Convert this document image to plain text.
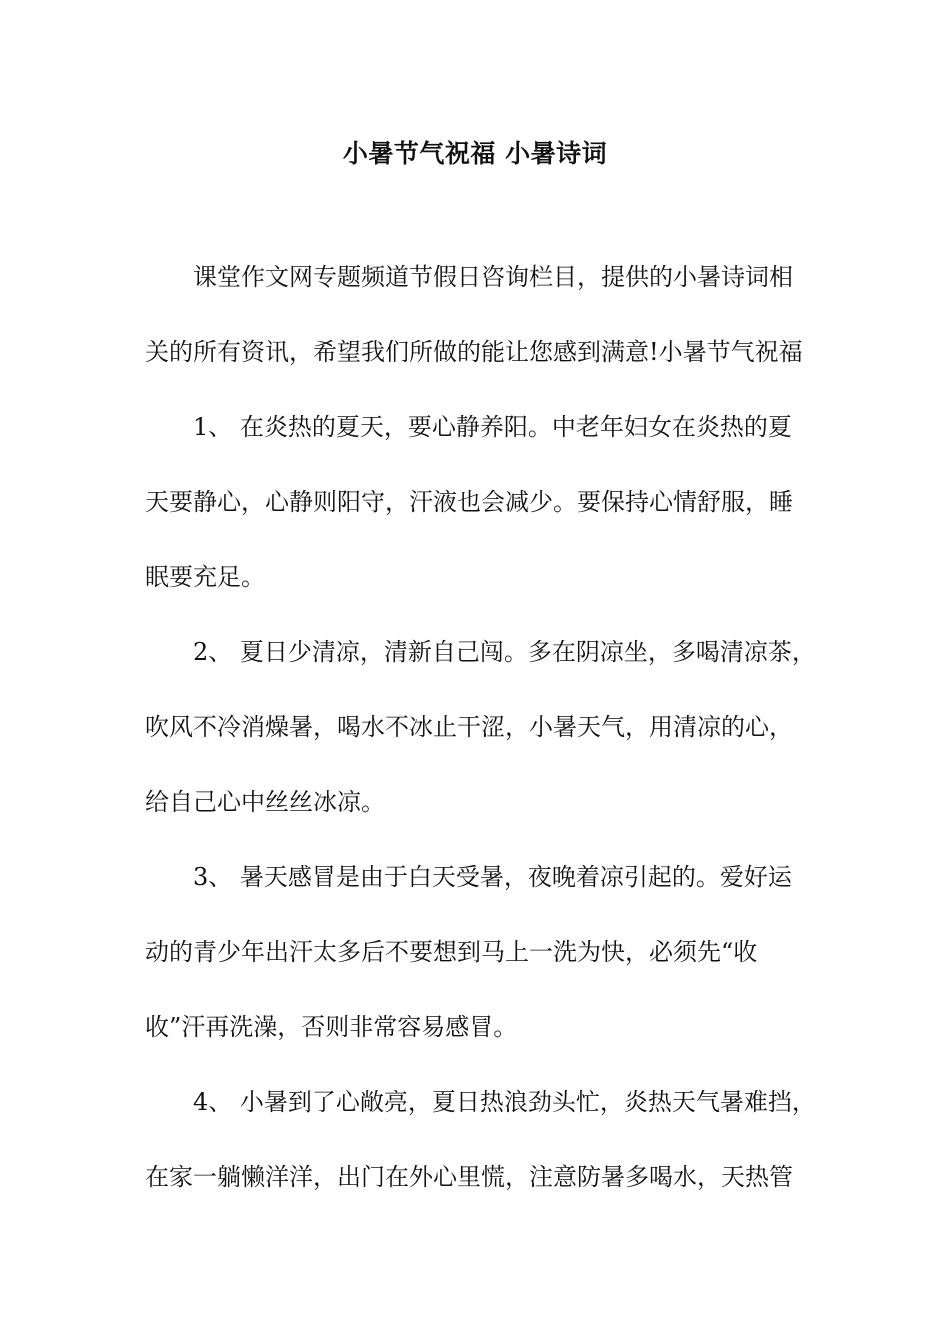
小暑节气祝福 小暑诗词
课堂作文网专题频道节假日咨询栏目，提供的小暑诗词相
关的所有资讯，希望我们所做的能让您感到满意!小暑节气祝福
1、 在炎热的夏天，要心静养阳。中老年妇女在炎热的夏
天要静心，心静则阳守，汗液也会减少。要保持心情舒服，睡
眠要充足。
2、 夏日少清凉，清新自己闯。多在阴凉坐，多喝清凉茶，
吹风不冷消燥暑，喝水不冰止干涩，小暑天气，用清凉的心，
给自己心中丝丝冰凉。
3、 暑天感冒是由于白天受暑，夜晚着凉引起的。爱好运
动的青少年出汗太多后不要想到马上一洗为快，必须先“收
收”汗再洗澡，否则非常容易感冒。
4、 小暑到了心敞亮，夏日热浪劲头忙，炎热天气暑难挡，
在家一躺懒洋洋，出门在外心里慌，注意防暑多喝水，天热管
